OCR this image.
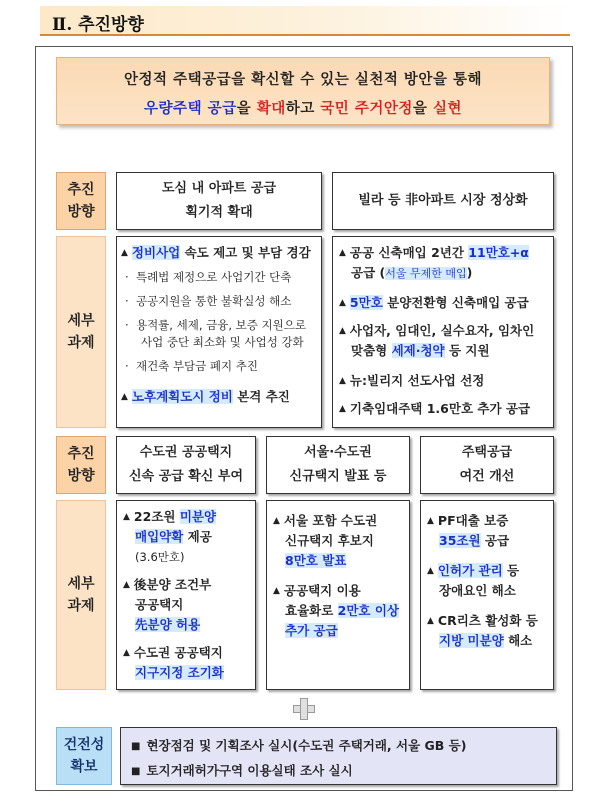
Ⅱ. 추진방향
안정적 주택공급을 확신할 수 있는 실천적 방안을 통해
우량주택 공급을 확대하고 국민 주거안정을 실현
추진
방향
도심 내 아파트 공급
획기적 확대
빌라 등 非아파트 시장 정상화
세부
과제
▲ 정비사업 속도 제고 및 부담 경감
·  특례법 제정으로 사업기간 단축
·  공공지원을 통한 불확실성 해소
·  용적률, 세제, 금융, 보증 지원으로
사업 중단 최소화 및 사업성 강화
·  재건축 부담금 폐지 추진
▲ 노후계획도시 정비 본격 추진
▲ 공공 신축매입 2년간 11만호+α
공급 (서울 무제한 매입)
▲ 5만호 분양전환형 신축매입 공급
▲ 사업자, 임대인, 실수요자, 임차인
맞춤형 세제·청약 등 지원
▲ 뉴:빌리지 선도사업 선정
▲ 기축임대주택 1.6만호 추가 공급
추진
방향
수도권 공공택지
신속 공급 확신 부여
서울·수도권
신규택지 발표 등
주택공급
여건 개선
세부
과제
▲ 22조원 미분양
매입약확 제공
(3.6만호)
▲ 後분양 조건부
공공택지
先분양 허용
▲ 수도권 공공택지
지구지정 조기화
▲ 서울 포함 수도권
신규택지 후보지
8만호 발표
▲ 공공택지 이용
효율화로 2만호 이상
추가 공급
▲ PF대출 보증
35조원 공급
▲ 인허가 관리 등
장애요인 해소
▲ CR리츠 활성화 등
지방 미분양 해소
건전성
확보
■ 현장점검 및 기획조사 실시(수도권 주택거래, 서울 GB 등)
■ 토지거래허가구역 이용실태 조사 실시
